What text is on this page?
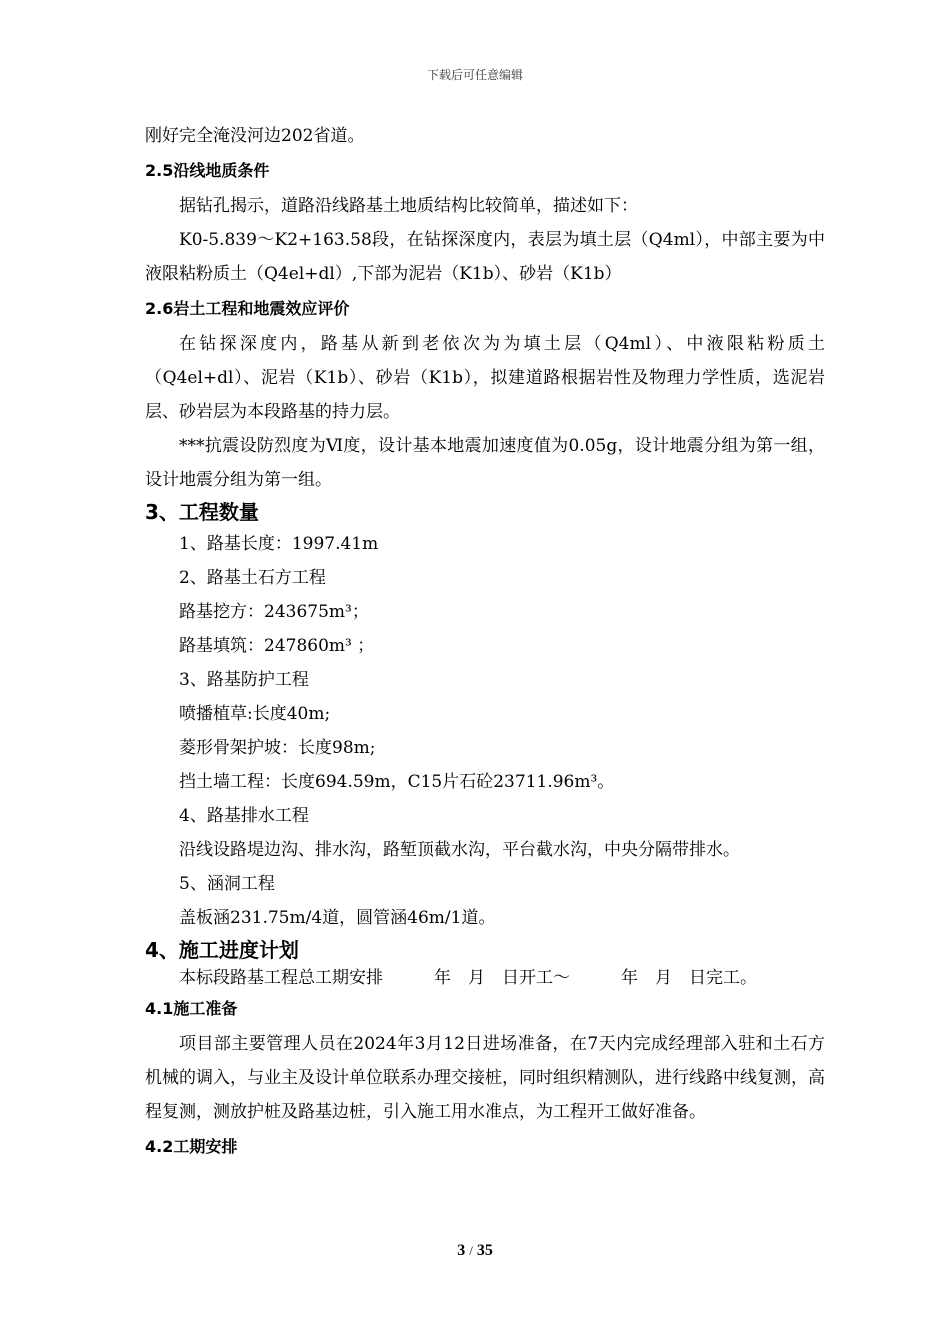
下载后可任意编辑

刚好完全淹没河边202省道。

2.5沿线地质条件

据钻孔揭示，道路沿线路基土地质结构比较简单，描述如下：

K0-5.839～K2+163.58段，在钻探深度内，表层为填土层（Q4ml），中部主要为中液限粘粉质土（Q4el+dl）,下部为泥岩（K1b）、砂岩（K1b）

2.6岩土工程和地震效应评价

在钻探深度内，路基从新到老依次为为填土层（Q4ml）、中液限粘粉质土（Q4el+dl）、泥岩（K1b）、砂岩（K1b），拟建道路根据岩性及物理力学性质，选泥岩层、砂岩层为本段路基的持力层。

***抗震设防烈度为Ⅵ度，设计基本地震加速度值为0.05g，设计地震分组为第一组，设计地震分组为第一组。

3、工程数量

1、路基长度：1997.41m

2、路基土石方工程

路基挖方：243675m³；

路基填筑：247860m³ ；

3、路基防护工程

喷播植草:长度40m;

菱形骨架护坡：长度98m;

挡土墙工程：长度694.59m，C15片石砼23711.96m³。

4、路基排水工程

沿线设路堤边沟、排水沟，路堑顶截水沟，平台截水沟，中央分隔带排水。

5、涵洞工程

盖板涵231.75m/4道，圆管涵46m/1道。

4、施工进度计划

本标段路基工程总工期安排　　　年　月　日开工～　　　年　月　日完工。

4.1施工准备

项目部主要管理人员在2024年3月12日进场准备，在7天内完成经理部入驻和土石方机械的调入，与业主及设计单位联系办理交接桩，同时组织精测队，进行线路中线复测，高程复测，测放护桩及路基边桩，引入施工用水准点，为工程开工做好准备。

4.2工期安排

3 / 35
